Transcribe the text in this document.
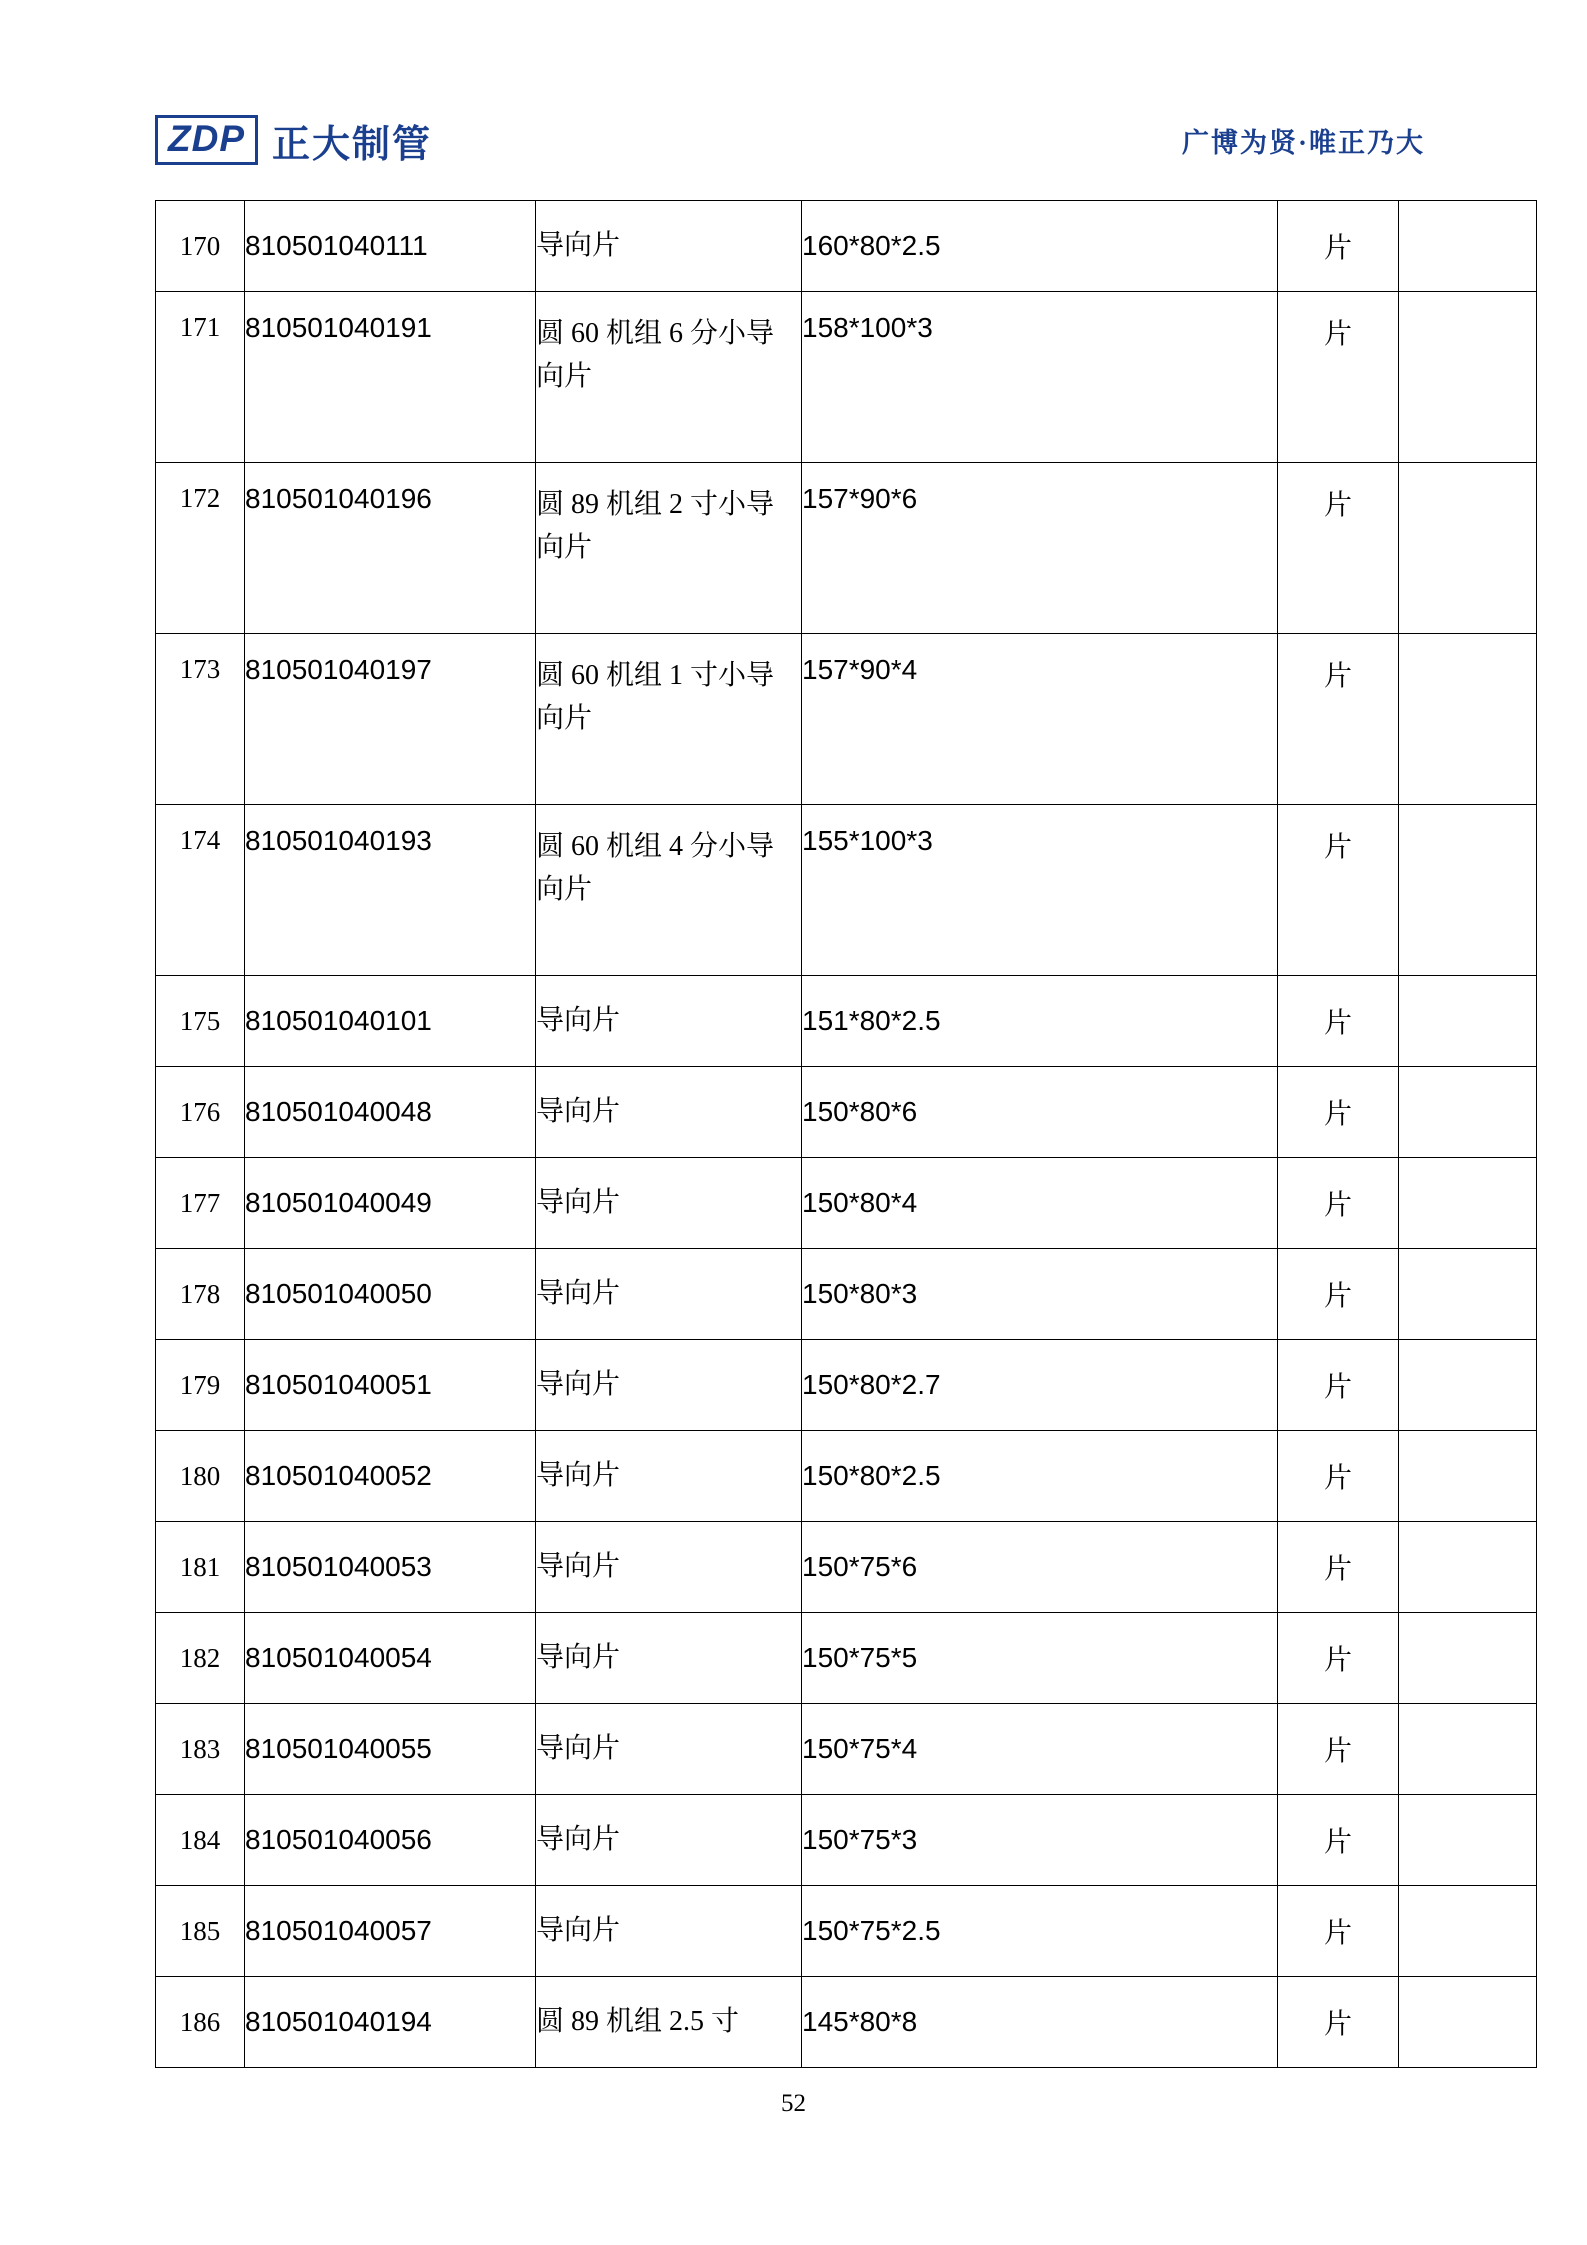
ZDP 正大制管	广博为贤·唯正乃大
170	810501040111	导向片	160*80*2.5	片	
171	810501040191	圆 60 机组 6 分小导向片	158*100*3	片	
172	810501040196	圆 89 机组 2 寸小导向片	157*90*6	片	
173	810501040197	圆 60 机组 1 寸小导向片	157*90*4	片	
174	810501040193	圆 60 机组 4 分小导向片	155*100*3	片	
175	810501040101	导向片	151*80*2.5	片	
176	810501040048	导向片	150*80*6	片	
177	810501040049	导向片	150*80*4	片	
178	810501040050	导向片	150*80*3	片	
179	810501040051	导向片	150*80*2.7	片	
180	810501040052	导向片	150*80*2.5	片	
181	810501040053	导向片	150*75*6	片	
182	810501040054	导向片	150*75*5	片	
183	810501040055	导向片	150*75*4	片	
184	810501040056	导向片	150*75*3	片	
185	810501040057	导向片	150*75*2.5	片	
186	810501040194	圆 89 机组 2.5 寸	145*80*8	片	
52
